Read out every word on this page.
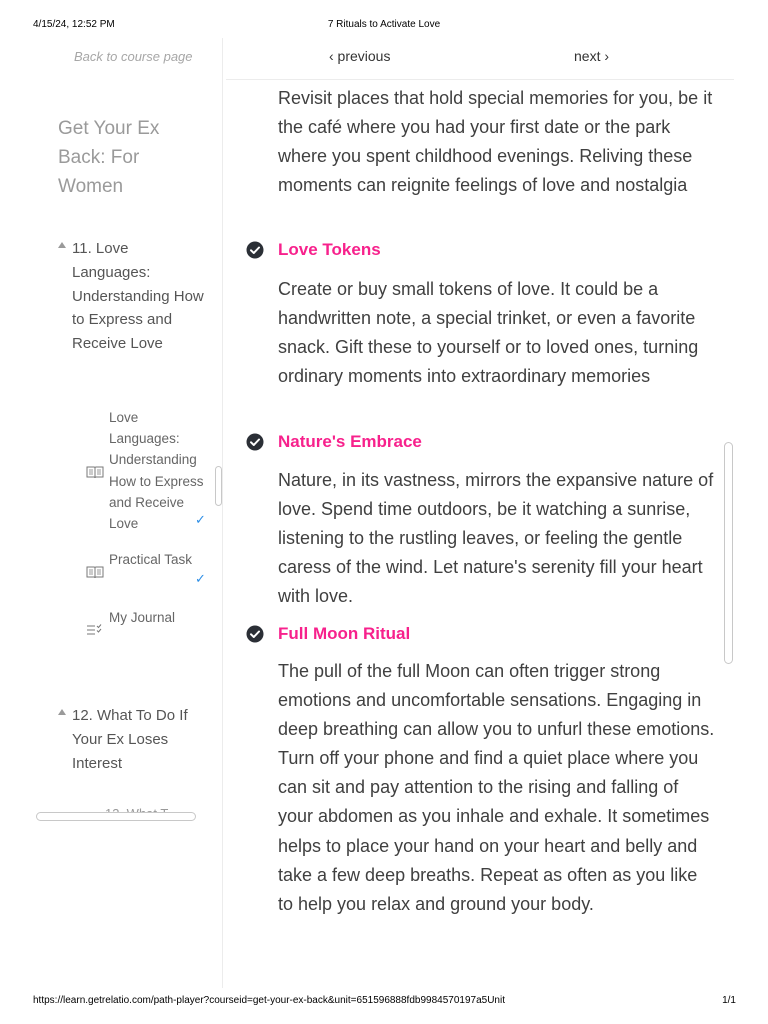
4/15/24, 12:52 PM	7 Rituals to Activate Love
Back to course page
Get Your Ex Back: For Women
11. Love Languages: Understanding How to Express and Receive Love
Love Languages: Understanding How to Express and Receive Love	✓
Practical Task
✓
My Journal
12. What To Do If Your Ex Loses Interest
‹ previous	next ›

Revisit places that hold special memories for you, be it the café where you had your first date or the park where you spent childhood evenings. Reliving these moments can reignite feelings of love and nostalgia

Love Tokens

Create or buy small tokens of love. It could be a handwritten note, a special trinket, or even a favorite snack. Gift these to yourself or to loved ones, turning ordinary moments into extraordinary memories

Nature's Embrace

Nature, in its vastness, mirrors the expansive nature of love. Spend time outdoors, be it watching a sunrise, listening to the rustling leaves, or feeling the gentle caress of the wind. Let nature's serenity fill your heart with love.

Full Moon Ritual

The pull of the full Moon can often trigger strong emotions and uncomfortable sensations. Engaging in deep breathing can allow you to unfurl these emotions. Turn off your phone and find a quiet place where you can sit and pay attention to the rising and falling of your abdomen as you inhale and exhale. It sometimes helps to place your hand on your heart and belly and take a few deep breaths. Repeat as often as you like to help you relax and ground your body.

https://learn.getrelatio.com/path-player?courseid=get-your-ex-back&unit=651596888fdb9984570197a5Unit	1/1
